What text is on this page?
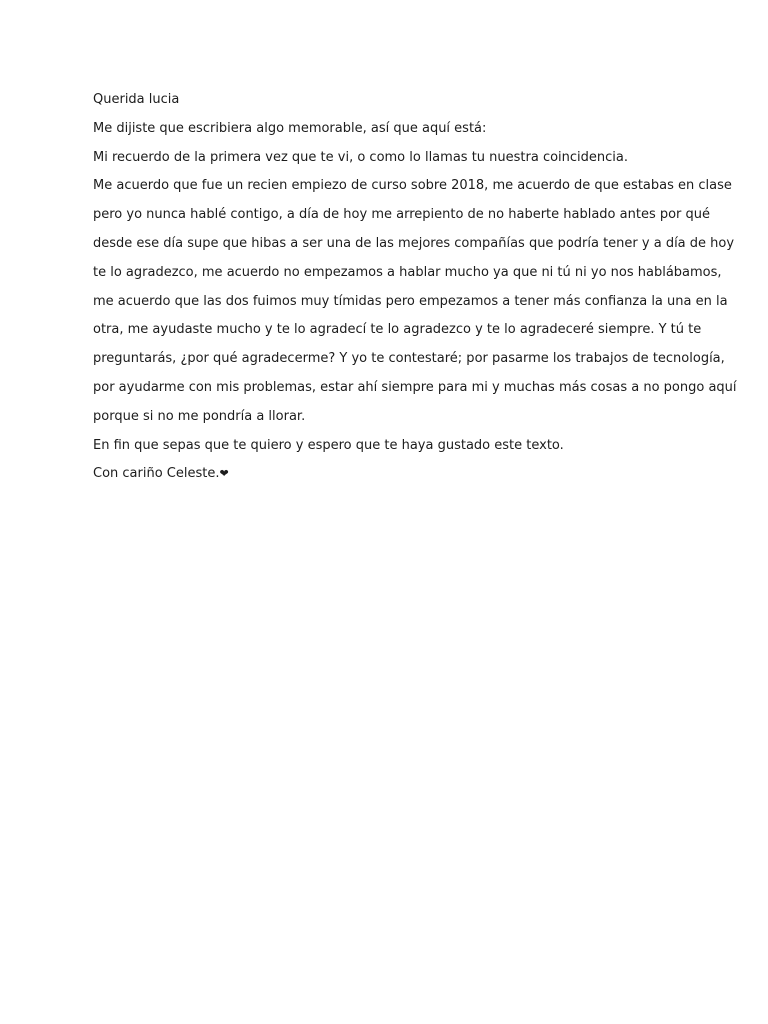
Querida lucia

Me dijiste que escribiera algo memorable, así que aquí está:

Mi recuerdo de la primera vez que te vi, o como lo llamas tu nuestra coincidencia.

Me acuerdo que fue un recien empiezo de curso sobre 2018, me acuerdo de que estabas en clase

pero yo nunca hablé contigo, a día de hoy me arrepiento de no haberte hablado antes por qué

desde ese día supe que hibas a ser una de las mejores compañías que podría tener y a día de hoy

te lo agradezco, me acuerdo no empezamos a hablar mucho ya que ni tú ni yo nos hablábamos,

me acuerdo que las dos fuimos muy tímidas pero empezamos a tener más confianza la una en la

otra, me ayudaste mucho y te lo agradecí te lo agradezco y te lo agradeceré siempre. Y tú te

preguntarás, ¿por qué agradecerme? Y yo te contestaré; por pasarme los trabajos de tecnología,

por ayudarme con mis problemas, estar ahí siempre para mi y muchas más cosas a no pongo aquí

porque si no me pondría a llorar.

En fin que sepas que te quiero y espero que te haya gustado este texto.

Con cariño Celeste.❤
